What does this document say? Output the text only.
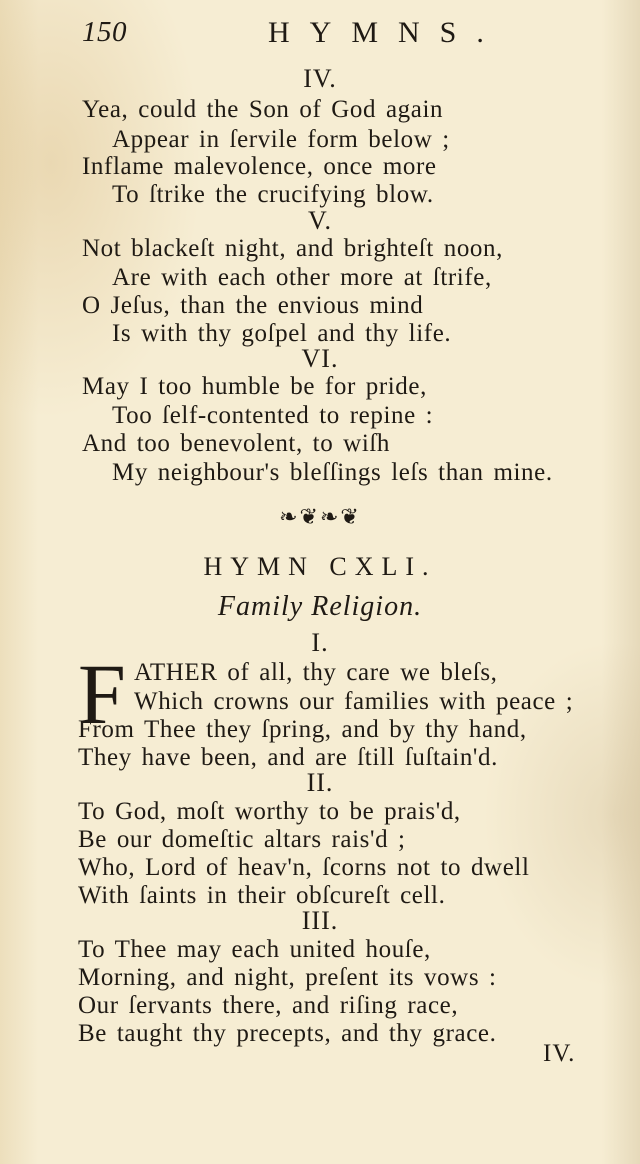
150	HYMNS.
IV.
Yea, could the Son of God again
Appear in ſervile form below ;
Inflame malevolence, once more
To ſtrike the crucifying blow.
V.
Not blackeſt night, and brighteſt noon,
Are with each other more at ſtrife,
O Jeſus, than the envious mind
Is with thy goſpel and thy life.
VI.
May I too humble be for pride,
Too ſelf-contented to repine :
And too benevolent, to wiſh
My neighbour's bleſſings leſs than mine.
❧❦❧❦
HYMN CXLI.
Family Religion.
I.
F ATHER of all, thy care we bleſs,
Which crowns our families with peace ;
From Thee they ſpring, and by thy hand,
They have been, and are ſtill ſuſtain'd.
II.
To God, moſt worthy to be prais'd,
Be our domeſtic altars rais'd ;
Who, Lord of heav'n, ſcorns not to dwell
With ſaints in their obſcureſt cell.
III.
To Thee may each united houſe,
Morning, and night, preſent its vows :
Our ſervants there, and riſing race,
Be taught thy precepts, and thy grace.
IV.
